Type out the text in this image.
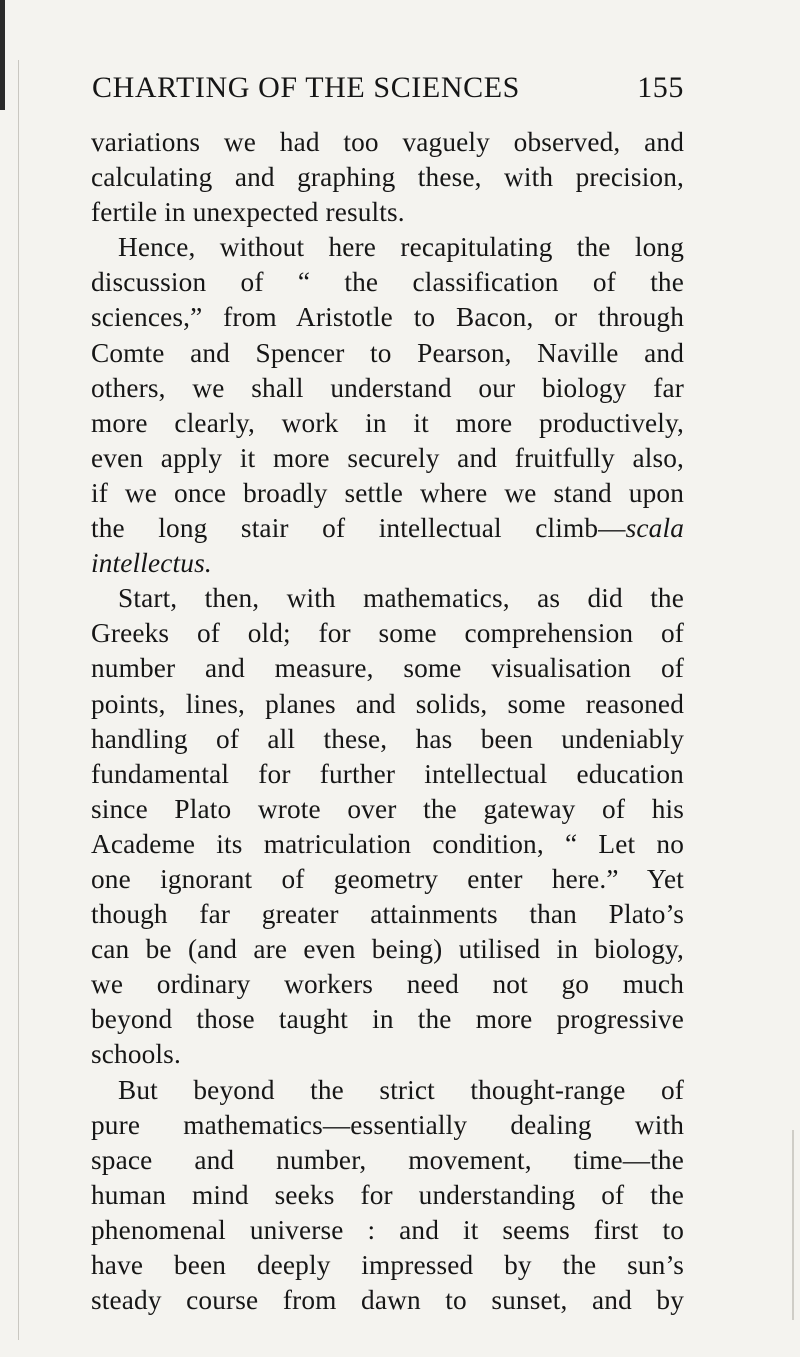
CHARTING OF THE SCIENCES	155
variations we had too vaguely observed, and
calculating and graphing these, with precision,
fertile in unexpected results.
Hence, without here recapitulating the long
discussion of “ the classification of the
sciences,” from Aristotle to Bacon, or through
Comte and Spencer to Pearson, Naville and
others, we shall understand our biology far
more clearly, work in it more productively,
even apply it more securely and fruitfully also,
if we once broadly settle where we stand upon
the long stair of intellectual climb—scala
intellectus.
Start, then, with mathematics, as did the
Greeks of old; for some comprehension of
number and measure, some visualisation of
points, lines, planes and solids, some reasoned
handling of all these, has been undeniably
fundamental for further intellectual education
since Plato wrote over the gateway of his
Academe its matriculation condition, “ Let no
one ignorant of geometry enter here.” Yet
though far greater attainments than Plato’s
can be (and are even being) utilised in biology,
we ordinary workers need not go much
beyond those taught in the more progressive
schools.
But beyond the strict thought-range of
pure mathematics—essentially dealing with
space and number, movement, time—the
human mind seeks for understanding of the
phenomenal universe : and it seems first to
have been deeply impressed by the sun’s
steady course from dawn to sunset, and by
